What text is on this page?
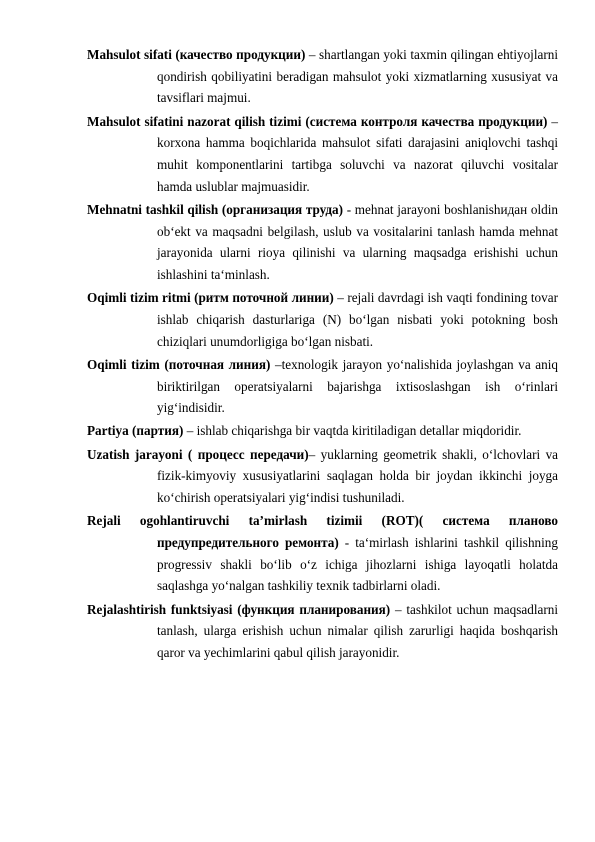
Mahsulot sifati (качество продукции) – shartlangan yoki taxmin qilingan ehtiyojlarni qondirish qobiliyatini beradigan mahsulot yoki xizmatlarning xususiyat va tavsiflari majmui.

Mahsulot sifatini nazorat qilish tizimi (система контроля качества продукции) – korxona hamma boqichlarida mahsulot sifati darajasini aniqlovchi tashqi muhit komponentlarini tartibga soluvchi va nazorat qiluvchi vositalar hamda uslublar majmuasidir.

Mehnatni tashkil qilish (организация труда) - mehnat jarayoni boshlanishидан oldin ob‘ekt va maqsadni belgilash, uslub va vositalarini tanlash hamda mehnat jarayonida ularni rioya qilinishi va ularning maqsadga erishishi uchun ishlashini ta‘minlash.

Oqimli tizim ritmi (ритм поточной линии) – rejali davrdagi ish vaqti fondining tovar ishlab chiqarish dasturlariga (N) bo‘lgan nisbati yoki potokning bosh chiziqlari unumdorligiga bo‘lgan nisbati.

Oqimli tizim (поточная линия) –texnologik jarayon yo‘nalishida joylashgan va aniq biriktirilgan operatsiyalarni bajarishga ixtisoslashgan ish o‘rinlari yig‘indisidir.

Partiya (партия) – ishlab chiqarishga bir vaqtda kiritiladigan detallar miqdoridir.

Uzatish jarayoni ( процесс передачи)– yuklarning geometrik shakli, o‘lchovlari va fizik-kimyoviy xususiyatlarini saqlagan holda bir joydan ikkinchi joyga ko‘chirish operatsiyalari yig‘indisi tushuniladi.

Rejali ogohlantiruvchi ta’mirlash tizimii (ROT)( система планово предупредительного ремонта) - ta‘mirlash ishlarini tashkil qilishning progressiv shakli bo‘lib o‘z ichiga jihozlarni ishiga layoqatli holatda saqlashga yo‘nalgan tashkiliy texnik tadbirlarni oladi.

Rejalashtirish funktsiyasi (функция планирования) – tashkilot uchun maqsadlarni tanlash, ularga erishish uchun nimalar qilish zarurligi haqida boshqarish qaror va yechimlarini qabul qilish jarayonidir.
